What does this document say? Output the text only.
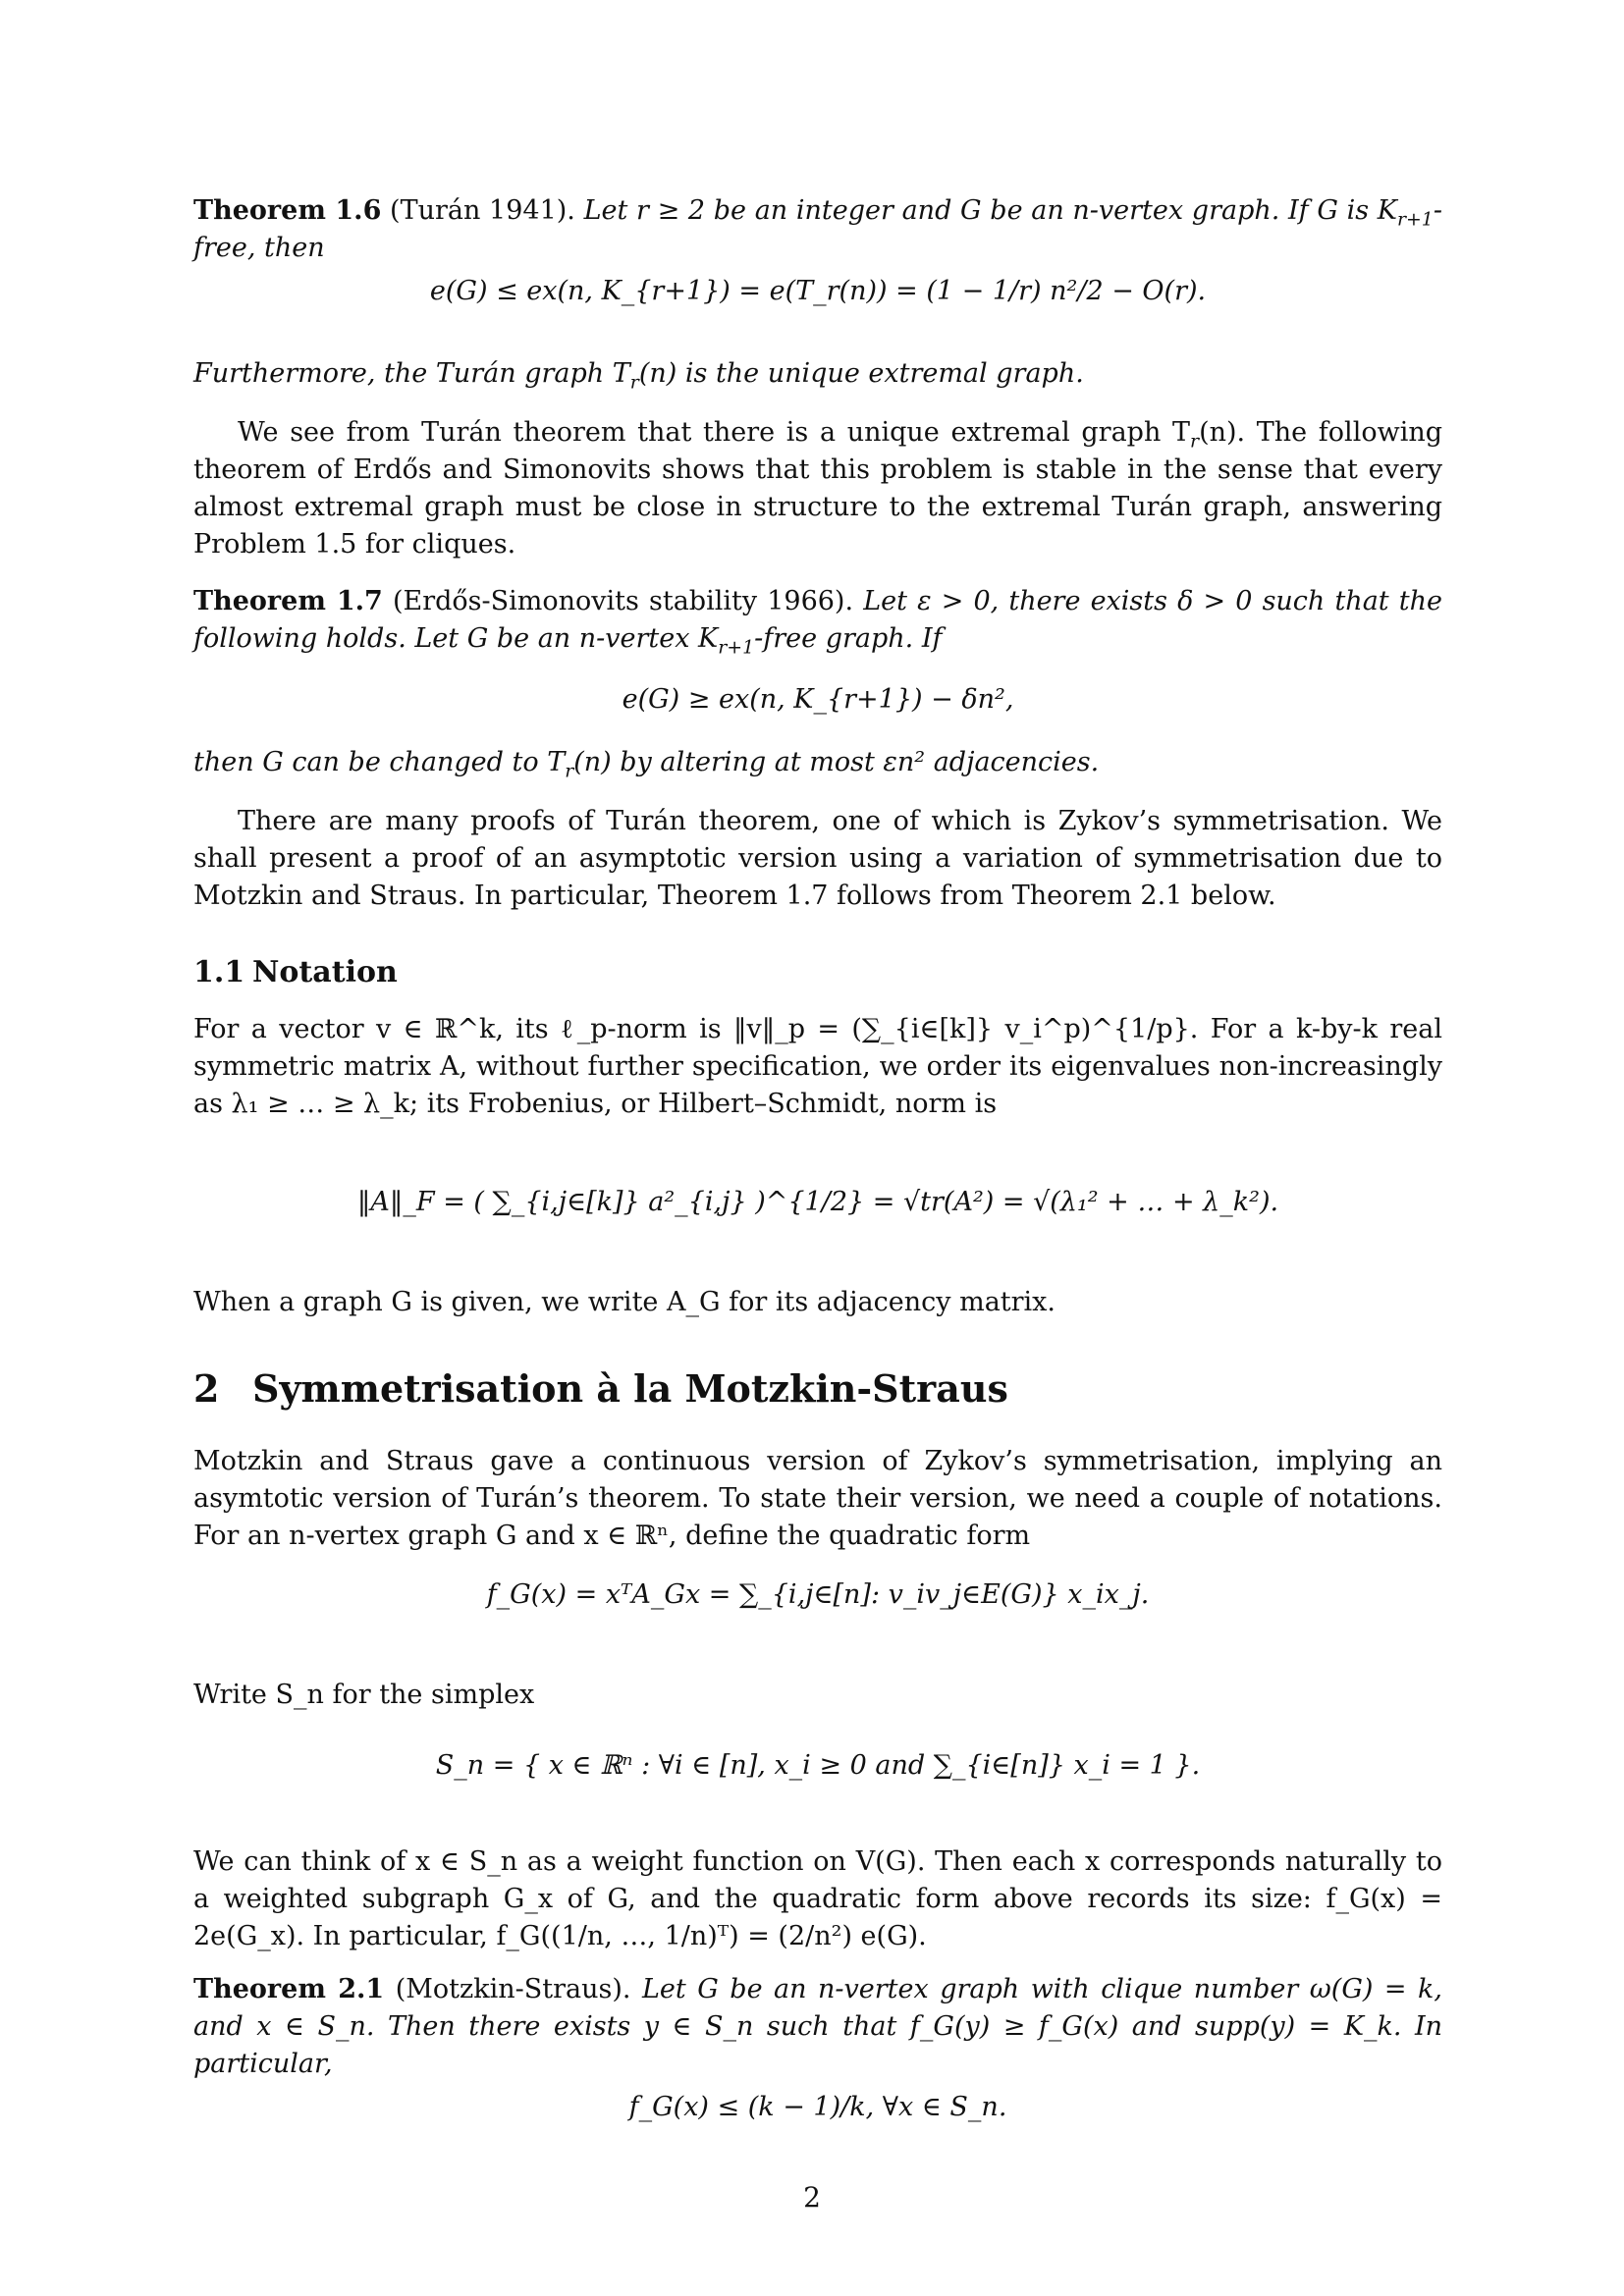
Theorem 1.6 (Turán 1941). Let r ≥ 2 be an integer and G be an n-vertex graph. If G is $K_{r+1}$-free, then

e(G) ≤ ex(n, K_{r+1}) = e(T_r(n)) = (1 − 1/r) n²/2 − O(r).

Furthermore, the Turán graph $T_r(n)$ is the unique extremal graph.

We see from Turán theorem that there is a unique extremal graph $T_r(n)$. The following theorem of Erdős and Simonovits shows that this problem is stable in the sense that every almost extremal graph must be close in structure to the extremal Turán graph, answering Problem 1.5 for cliques.

Theorem 1.7 (Erdős-Simonovits stability 1966). Let ε > 0, there exists δ > 0 such that the following holds. Let G be an n-vertex $K_{r+1}$-free graph. If

e(G) ≥ ex(n, K_{r+1}) − δn²,

then G can be changed to $T_r(n)$ by altering at most εn² adjacencies.

There are many proofs of Turán theorem, one of which is Zykov’s symmetrisation. We shall present a proof of an asymptotic version using a variation of symmetrisation due to Motzkin and Straus. In particular, Theorem 1.7 follows from Theorem 2.1 below.

1.1 Notation

For a vector v ∈ ℝ^k, its ℓ_p-norm is ‖v‖_p = (∑_{i∈[k]} v_i^p)^{1/p}. For a k-by-k real symmetric matrix A, without further specification, we order its eigenvalues non-increasingly as λ₁ ≥ … ≥ λ_k; its Frobenius, or Hilbert–Schmidt, norm is

‖A‖_F = ( ∑_{i,j∈[k]} a²_{i,j} )^{1/2} = √tr(A²) = √(λ₁² + … + λ_k²).

When a graph G is given, we write A_G for its adjacency matrix.

2 Symmetrisation à la Motzkin-Straus

Motzkin and Straus gave a continuous version of Zykov’s symmetrisation, implying an asymtotic version of Turán’s theorem. To state their version, we need a couple of notations. For an n-vertex graph G and x ∈ ℝⁿ, define the quadratic form

f_G(x) = xᵀA_Gx = ∑_{i,j∈[n]: v_iv_j∈E(G)} x_ix_j.

Write S_n for the simplex

S_n = { x ∈ ℝⁿ : ∀i ∈ [n], x_i ≥ 0 and ∑_{i∈[n]} x_i = 1 }.

We can think of x ∈ S_n as a weight function on V(G). Then each x corresponds naturally to a weighted subgraph G_x of G, and the quadratic form above records its size: f_G(x) = 2e(G_x). In particular, f_G((1/n, …, 1/n)ᵀ) = (2/n²) e(G).

Theorem 2.1 (Motzkin-Straus). Let G be an n-vertex graph with clique number ω(G) = k, and x ∈ S_n. Then there exists y ∈ S_n such that f_G(y) ≥ f_G(x) and supp(y) = K_k. In particular,

f_G(x) ≤ (k − 1)/k, ∀x ∈ S_n.
2
